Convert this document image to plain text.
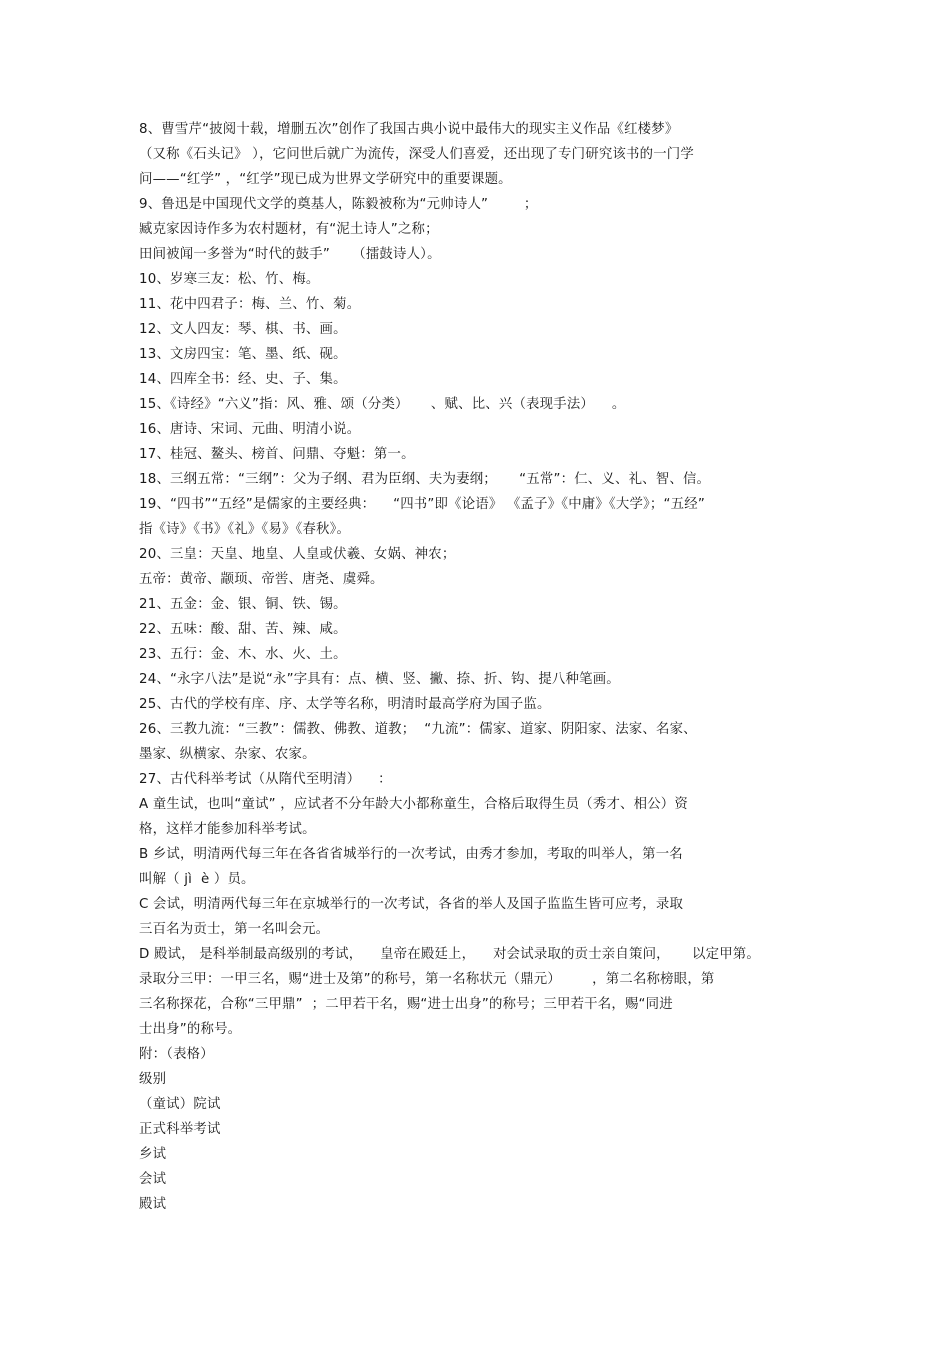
8、曹雪芹“披阅十载，增删五次”创作了我国古典小说中最伟大的现实主义作品《红楼梦》
（又称《石头记》 ），它问世后就广为流传，深受人们喜爱，还出现了专门研究该书的一门学
问——“红学” ，“红学”现已成为世界文学研究中的重要课题。
9、鲁迅是中国现代文学的奠基人，陈毅被称为“元帅诗人”        ；
臧克家因诗作多为农村题材，有“泥土诗人”之称；
田间被闻一多誉为“时代的鼓手”     （擂鼓诗人）。
10、岁寒三友：松、竹、梅。
11、花中四君子：梅、兰、竹、菊。
12、文人四友：琴、棋、书、画。
13、文房四宝：笔、墨、纸、砚。
14、四库全书：经、史、子、集。
15、《诗经》“六义”指：风、雅、颂（分类）     、赋、比、兴（表现手法）    。
16、唐诗、宋词、元曲、明清小说。
17、桂冠、鳌头、榜首、问鼎、夺魁：第一。
18、三纲五常：“三纲”：父为子纲、君为臣纲、夫为妻纲；     “五常”：仁、义、礼、智、信。
19、“四书”“五经”是儒家的主要经典：    “四书”即《论语》 《孟子》《中庸》《大学》；“五经”
指《诗》《书》《礼》《易》《春秋》。
20、三皇：天皇、地皇、人皇或伏羲、女娲、神农；
五帝：黄帝、颛顼、帝喾、唐尧、虞舜。
21、五金：金、银、铜、铁、锡。
22、五味：酸、甜、苦、辣、咸。
23、五行：金、木、水、火、土。
24、“永字八法”是说“永”字具有：点、横、竖、撇、捺、折、钩、提八种笔画。
25、古代的学校有庠、序、太学等名称，明清时最高学府为国子监。
26、三教九流：“三教”：儒教、佛教、道教；  “九流”：儒家、道家、阴阳家、法家、名家、
墨家、纵横家、杂家、农家。
27、古代科举考试（从隋代至明清）    ：
A 童生试，也叫“童试” ，应试者不分年龄大小都称童生，合格后取得生员（秀才、相公）资
格，这样才能参加科举考试。
B 乡试，明清两代每三年在各省省城举行的一次考试，由秀才参加，考取的叫举人，第一名
叫解（ jì  è ）员。
C 会试，明清两代每三年在京城举行的一次考试，各省的举人及国子监监生皆可应考，录取
三百名为贡士，第一名叫会元。
D 殿试， 是科举制最高级别的考试，    皇帝在殿廷上，    对会试录取的贡士亲自策问，     以定甲第。
录取分三甲：一甲三名，赐“进士及第”的称号，第一名称状元（鼎元）       ，第二名称榜眼，第
三名称探花，合称“三甲鼎”  ；二甲若干名，赐“进士出身”的称号；三甲若干名，赐“同进
士出身”的称号。
附：（表格）
级别
（童试）院试
正式科举考试
乡试
会试
殿试
